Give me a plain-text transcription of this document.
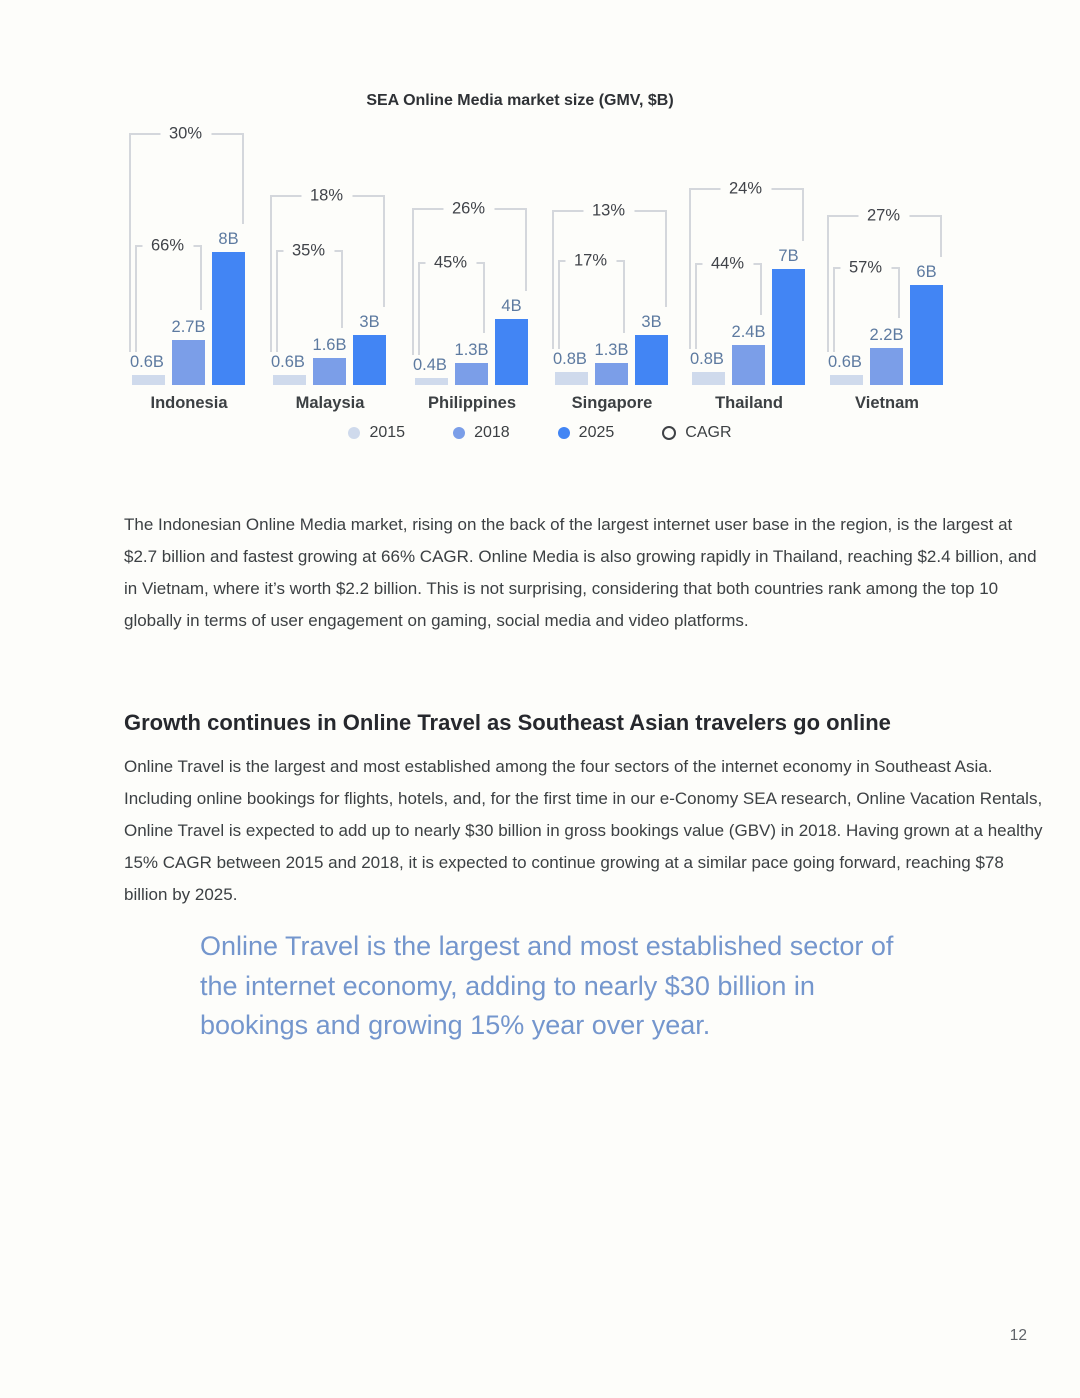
SEA Online Media market size (GMV, $B)
30%
66%
0.6B
2.7B
8B
Indonesia
18%
35%
0.6B
1.6B
3B
Malaysia
26%
45%
0.4B
1.3B
4B
Philippines
13%
17%
0.8B 1.3B
3B
Singapore
24%
44%
0.8B
2.4B
7B
Thailand
27%
57%
0.6B
2.2B
6B
Vietnam
2015	2018	2025	CAGR

The Indonesian Online Media market, rising on the back of the largest internet user base in the region, is the largest at $2.7 billion and fastest growing at 66% CAGR. Online Media is also growing rapidly in Thailand, reaching $2.4 billion, and in Vietnam, where it’s worth $2.2 billion. This is not surprising, considering that both countries rank among the top 10 globally in terms of user engagement on gaming, social media and video platforms.

Growth continues in Online Travel as Southeast Asian travelers go online

Online Travel is the largest and most established among the four sectors of the internet economy in Southeast Asia. Including online bookings for flights, hotels, and, for the first time in our e-Conomy SEA research, Online Vacation Rentals, Online Travel is expected to add up to nearly $30 billion in gross bookings value (GBV) in 2018. Having grown at a healthy 15% CAGR between 2015 and 2018, it is expected to continue growing at a similar pace going forward, reaching $78 billion by 2025.

Online Travel is the largest and most established sector of the internet economy, adding to nearly $30 billion in bookings and growing 15% year over year.
12
